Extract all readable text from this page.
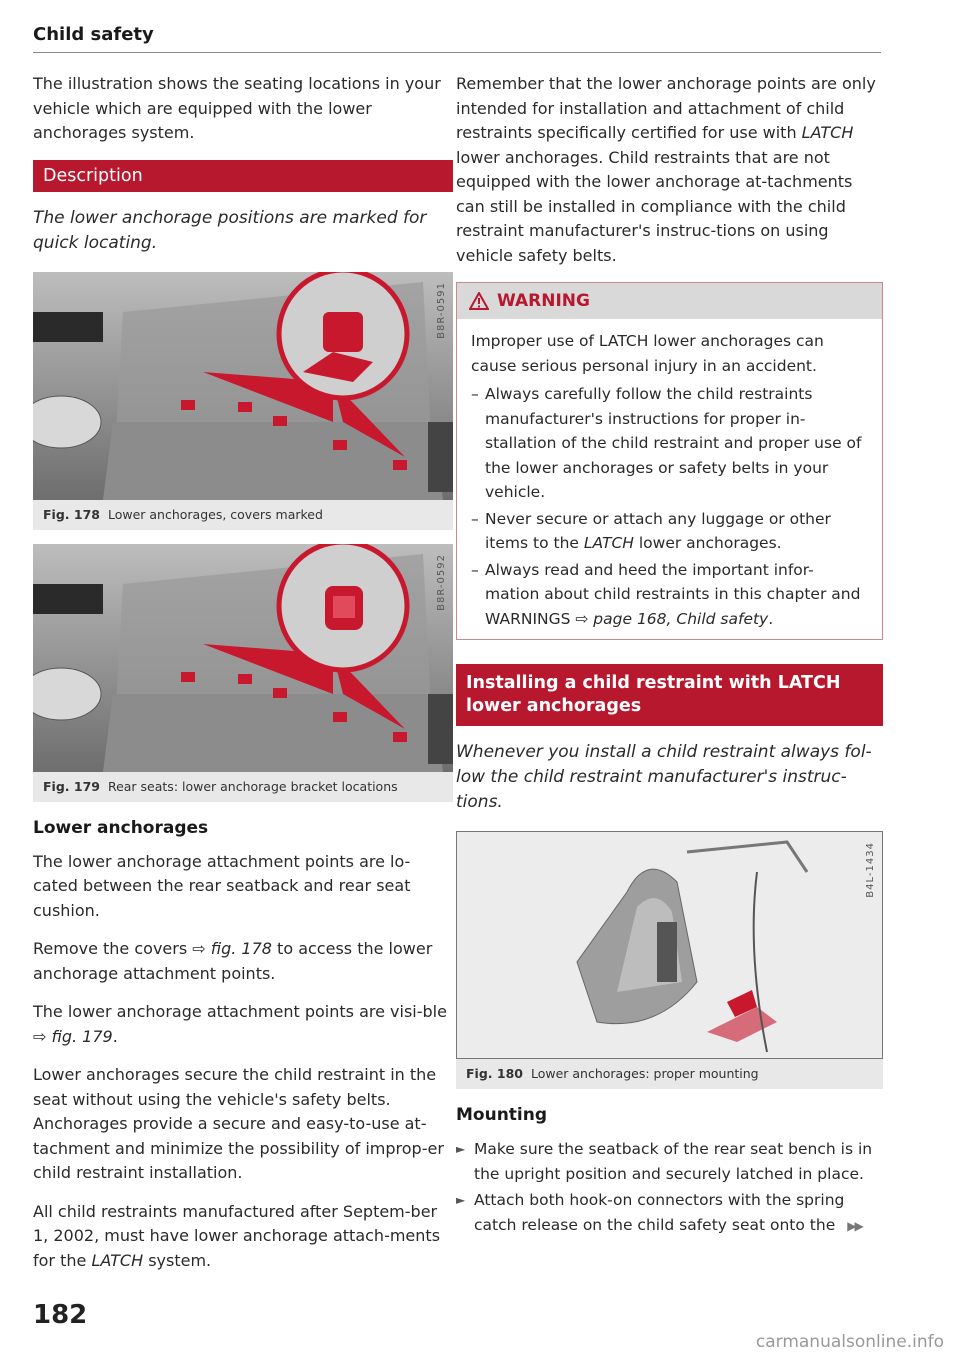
Child safety

The illustration shows the seating locations in your vehicle which are equipped with the lower anchorages system.

Description
The lower anchorage positions are marked for quick locating.
B8R-0591
Fig. 178 Lower anchorages, covers marked
B8R-0592
Fig. 179 Rear seats: lower anchorage bracket locations
Lower anchorages

The lower anchorage attachment points are lo-cated between the rear seatback and rear seat cushion.

Remove the covers ⇨ fig. 178 to access the lower anchorage attachment points.

The lower anchorage attachment points are visi-ble ⇨ fig. 179.

Lower anchorages secure the child restraint in the seat without using the vehicle's safety belts. Anchorages provide a secure and easy-to-use at-tachment and minimize the possibility of improp-er child restraint installation.

All child restraints manufactured after Septem-ber 1, 2002, must have lower anchorage attach-ments for the LATCH system.

Remember that the lower anchorage points are only intended for installation and attachment of child restraints specifically certified for use with LATCH lower anchorages. Child restraints that are not equipped with the lower anchorage at-tachments can still be installed in compliance with the child restraint manufacturer's instruc-tions on using vehicle safety belts.

WARNING

Improper use of LATCH lower anchorages can cause serious personal injury in an accident.

– Always carefully follow the child restraints manufacturer's instructions for proper in-stallation of the child restraint and proper use of the lower anchorages or safety belts in your vehicle.
– Never secure or attach any luggage or other items to the LATCH lower anchorages.
– Always read and heed the important infor-mation about child restraints in this chapter and WARNINGS ⇨ page 168, Child safety.
Installing a child restraint with LATCH lower anchorages
Whenever you install a child restraint always fol-low the child restraint manufacturer's instruc-tions.
B4L-1434
Fig. 180 Lower anchorages: proper mounting
Mounting
► Make sure the seatback of the rear seat bench is in the upright position and securely latched in place.
► Attach both hook-on connectors with the spring catch release on the child safety seat onto the ▶▶
182
carmanualsonline.info
